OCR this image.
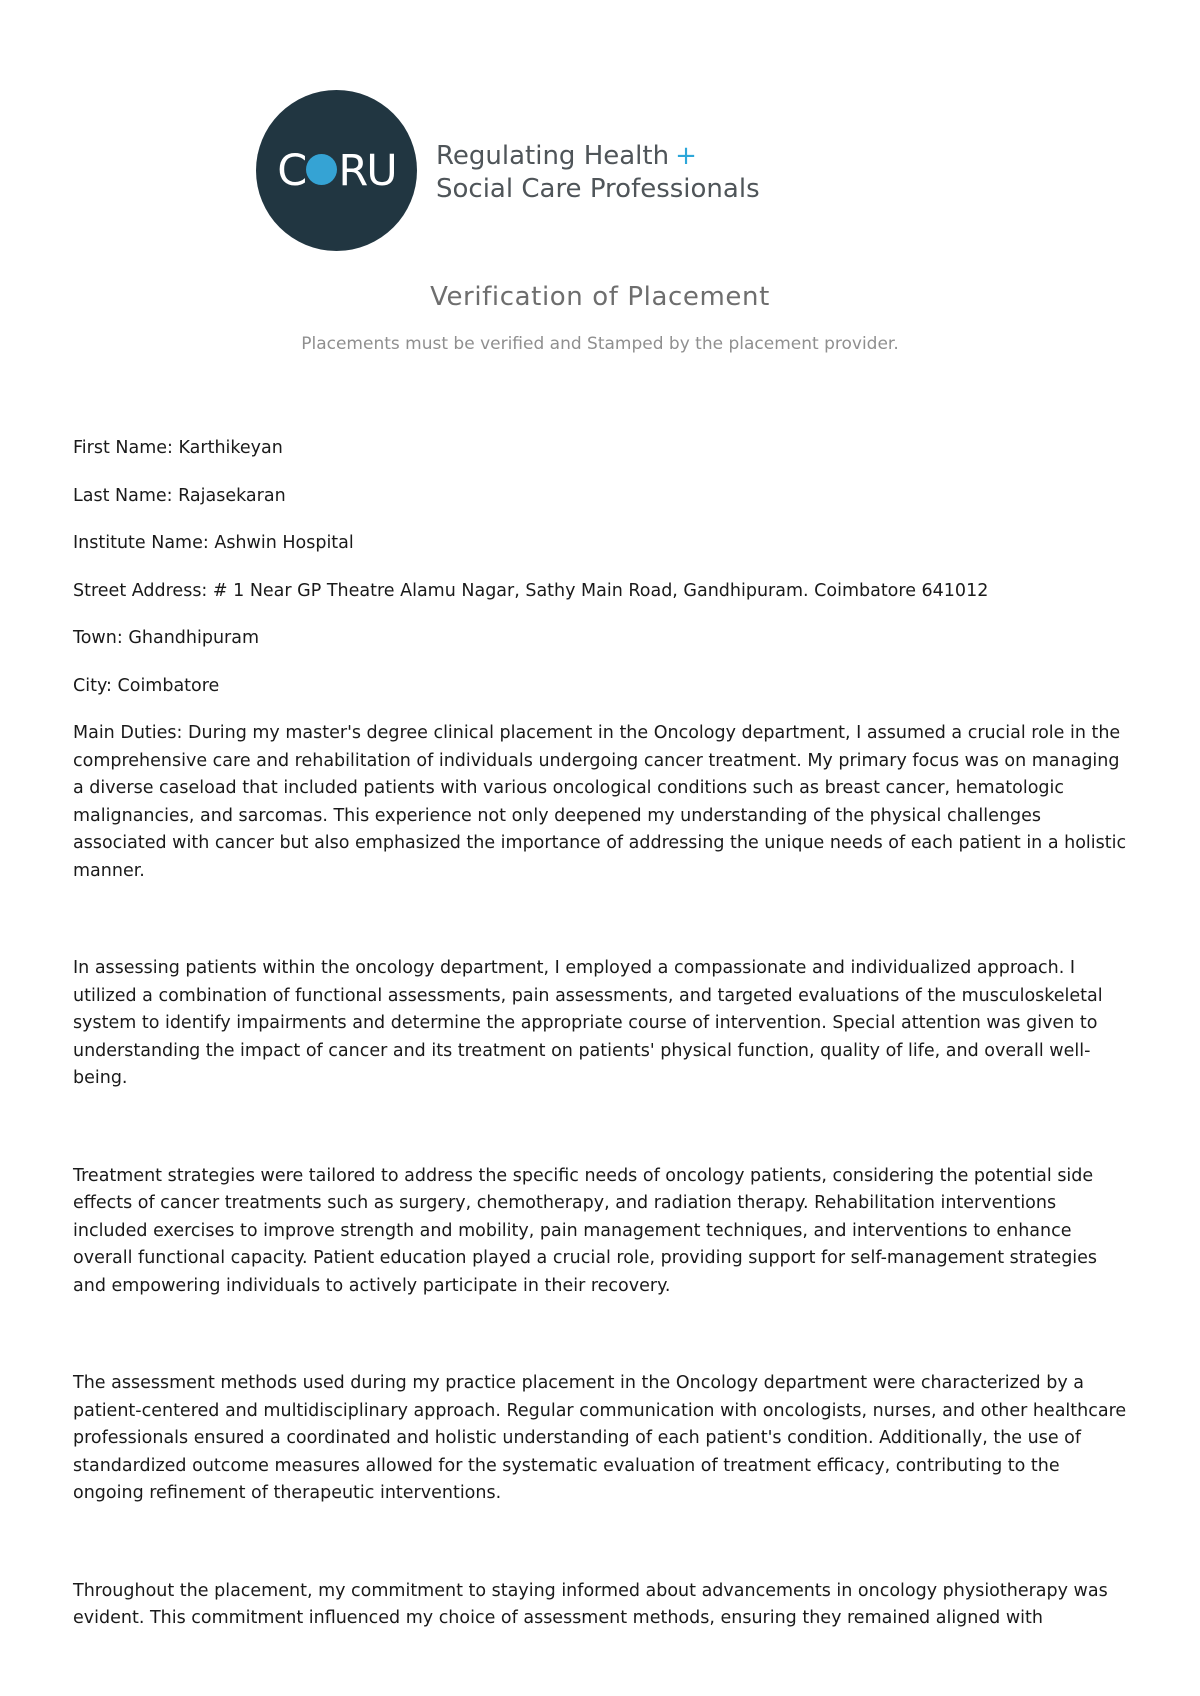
C RU Regulating Health +
Social Care Professionals
Verification of Placement

Placements must be verified and Stamped by the placement provider.

First Name: Karthikeyan

Last Name: Rajasekaran

Institute Name: Ashwin Hospital

Street Address: # 1 Near GP Theatre Alamu Nagar, Sathy Main Road, Gandhipuram. Coimbatore 641012

Town: Ghandhipuram

City: Coimbatore

Main Duties: During my master's degree clinical placement in the Oncology department, I assumed a crucial role in the comprehensive care and rehabilitation of individuals undergoing cancer treatment. My primary focus was on managing a diverse caseload that included patients with various oncological conditions such as breast cancer, hematologic malignancies, and sarcomas. This experience not only deepened my understanding of the physical challenges associated with cancer but also emphasized the importance of addressing the unique needs of each patient in a holistic manner.

In assessing patients within the oncology department, I employed a compassionate and individualized approach. I utilized a combination of functional assessments, pain assessments, and targeted evaluations of the musculoskeletal system to identify impairments and determine the appropriate course of intervention. Special attention was given to understanding the impact of cancer and its treatment on patients' physical function, quality of life, and overall well-being.

Treatment strategies were tailored to address the specific needs of oncology patients, considering the potential side effects of cancer treatments such as surgery, chemotherapy, and radiation therapy. Rehabilitation interventions included exercises to improve strength and mobility, pain management techniques, and interventions to enhance overall functional capacity. Patient education played a crucial role, providing support for self-management strategies and empowering individuals to actively participate in their recovery.

The assessment methods used during my practice placement in the Oncology department were characterized by a patient-centered and multidisciplinary approach. Regular communication with oncologists, nurses, and other healthcare professionals ensured a coordinated and holistic understanding of each patient's condition. Additionally, the use of standardized outcome measures allowed for the systematic evaluation of treatment efficacy, contributing to the ongoing refinement of therapeutic interventions.

Throughout the placement, my commitment to staying informed about advancements in oncology physiotherapy was evident. This commitment influenced my choice of assessment methods, ensuring they remained aligned with
